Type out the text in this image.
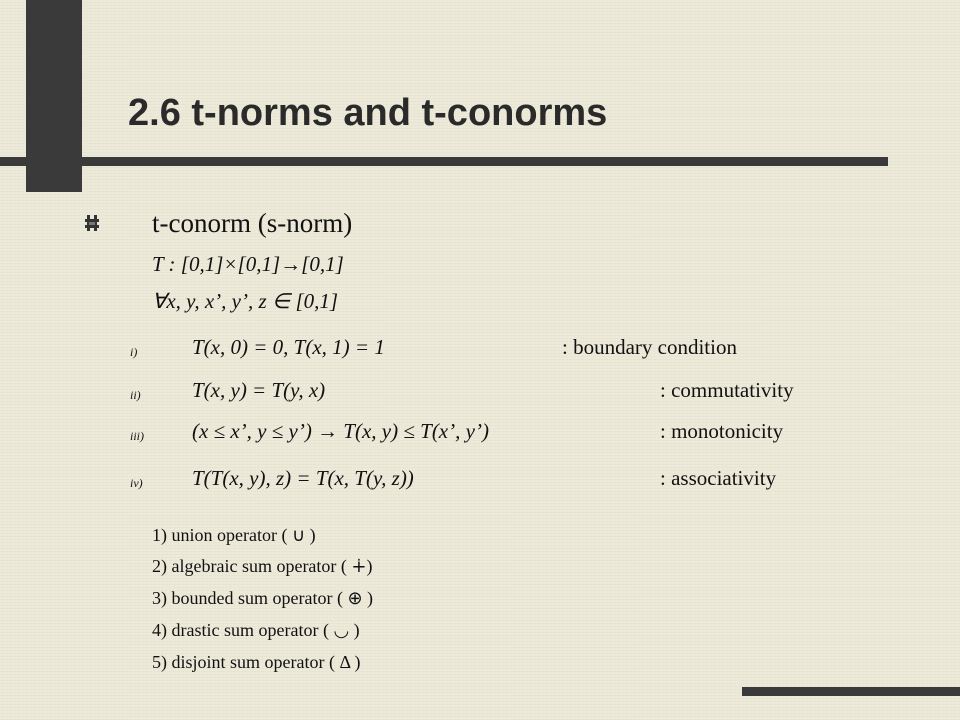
2.6 t-norms and t-conorms
t-conorm (s-norm)
T : [0,1]×[0,1]→[0,1]
∀x, y, x’, y’, z ∈ [0,1]
i)	T(x, 0) = 0, T(x, 1) = 1	: boundary condition
ii) T(x, y) = T(y, x)	: commutativity
iii) (x ≤ x’, y ≤ y’) → T(x, y) ≤ T(x’, y’)	: monotonicity
iv) T(T(x, y), z) = T(x, T(y, z))	: associativity
1) union operator ( ∪ )
2) algebraic sum operator ( ∔)
3) bounded sum operator ( ⊕ )
4) drastic sum operator ( ◡ )
5) disjoint sum operator ( Δ )
